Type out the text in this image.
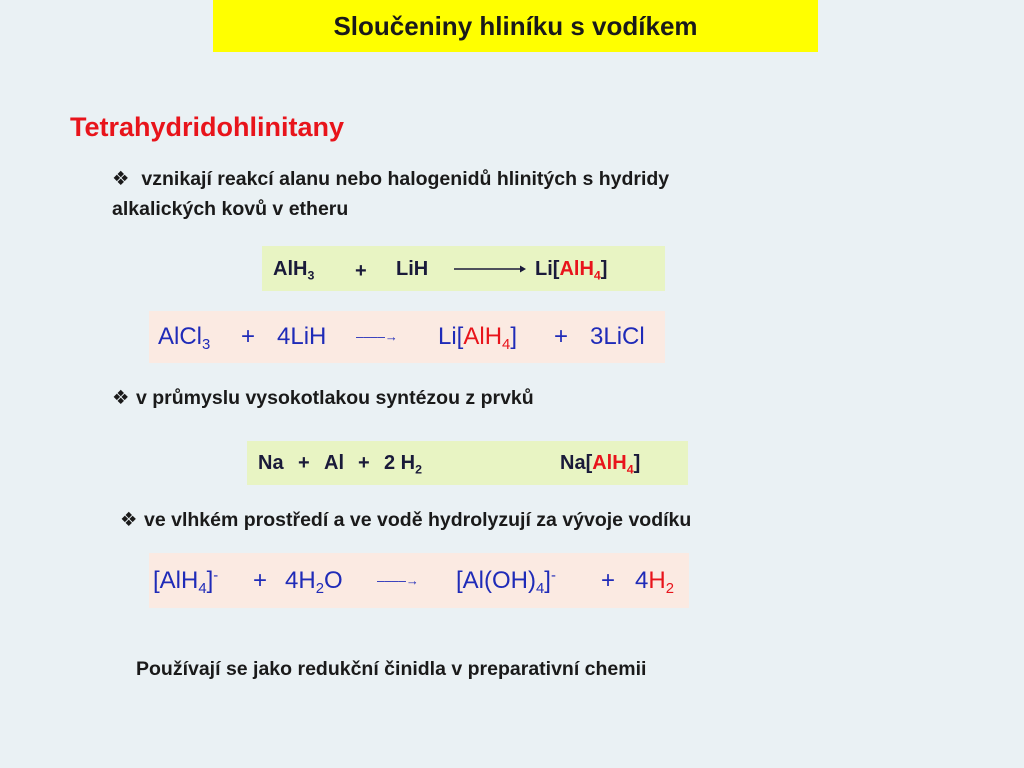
Sloučeniny hliníku s vodíkem
Tetrahydridohlinitany
❖ vznikají reakcí alanu nebo halogenidů hlinitých s hydridy
alkalických kovů v etheru
AlH$_3$ + LiH → Li[AlH$_4$]
AlCl$_3$ + 4LiH ––––→ Li[AlH$_4$] + 3LiCl
❖ v průmyslu vysokotlakou syntézou z prvků
Na + Al + 2 $H_2$	Na[AlH$_4$]
❖ ve vlhkém prostředí a ve vodě hydrolyzují za vývoje vodíku
$[AlH_4]^- + 4H_2O$	––––→ $[Al(OH)_4]^- + 4H_2$
Používají se jako redukční činidla v preparativní chemii
